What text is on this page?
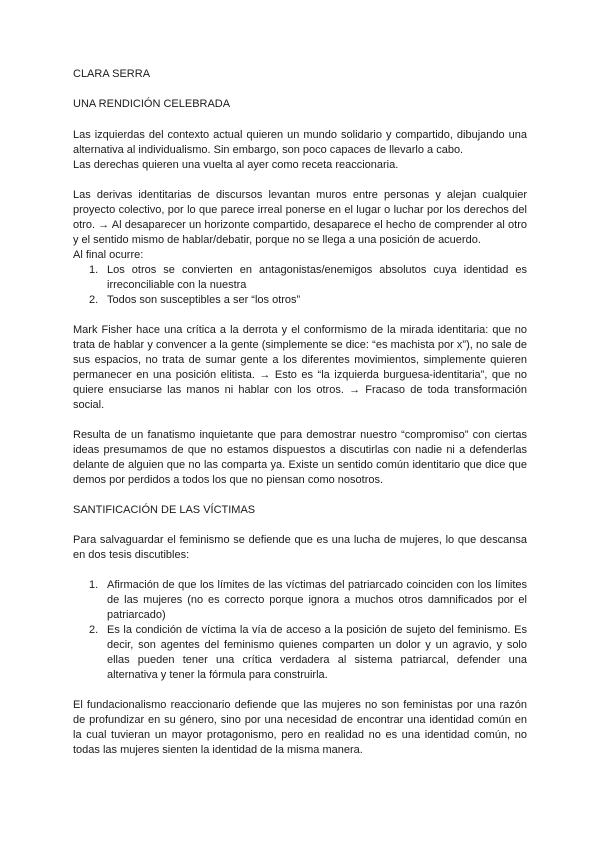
CLARA SERRA

UNA RENDICIÓN CELEBRADA

Las izquierdas del contexto actual quieren un mundo solidario y compartido, dibujando una alternativa al individualismo. Sin embargo, son poco capaces de llevarlo a cabo.

Las derechas quieren una vuelta al ayer como receta reaccionaria.

Las derivas identitarias de discursos levantan muros entre personas y alejan cualquier proyecto colectivo, por lo que parece irreal ponerse en el lugar o luchar por los derechos del otro. → Al desaparecer un horizonte compartido, desaparece el hecho de comprender al otro y el sentido mismo de hablar/debatir, porque no se llega a una posición de acuerdo.

Al final ocurre:

1. Los otros se convierten en antagonistas/enemigos absolutos cuya identidad es irreconciliable con la nuestra
2. Todos son susceptibles a ser “los otros”

Mark Fisher hace una crítica a la derrota y el conformismo de la mirada identitaria: que no trata de hablar y convencer a la gente (simplemente se dice: “es machista por x”), no sale de sus espacios, no trata de sumar gente a los diferentes movimientos, simplemente quieren permanecer en una posición elitista. → Esto es “la izquierda burguesa-identitaria”, que no quiere ensuciarse las manos ni hablar con los otros. → Fracaso de toda transformación social.

Resulta de un fanatismo inquietante que para demostrar nuestro “compromiso” con ciertas ideas presumamos de que no estamos dispuestos a discutirlas con nadie ni a defenderlas delante de alguien que no las comparta ya. Existe un sentido común identitario que dice que demos por perdidos a todos los que no piensan como nosotros.

SANTIFICACIÓN DE LAS VÍCTIMAS

Para salvaguardar el feminismo se defiende que es una lucha de mujeres, lo que descansa en dos tesis discutibles:

1. Afirmación de que los límites de las víctimas del patriarcado coinciden con los límites de las mujeres (no es correcto porque ignora a muchos otros damnificados por el patriarcado)
2. Es la condición de víctima la vía de acceso a la posición de sujeto del feminismo. Es decir, son agentes del feminismo quienes comparten un dolor y un agravio, y solo ellas pueden tener una crítica verdadera al sistema patriarcal, defender una alternativa y tener la fórmula para construirla.

El fundacionalismo reaccionario defiende que las mujeres no son feministas por una razón de profundizar en su género, sino por una necesidad de encontrar una identidad común en la cual tuvieran un mayor protagonismo, pero en realidad no es una identidad común, no todas las mujeres sienten la identidad de la misma manera.
